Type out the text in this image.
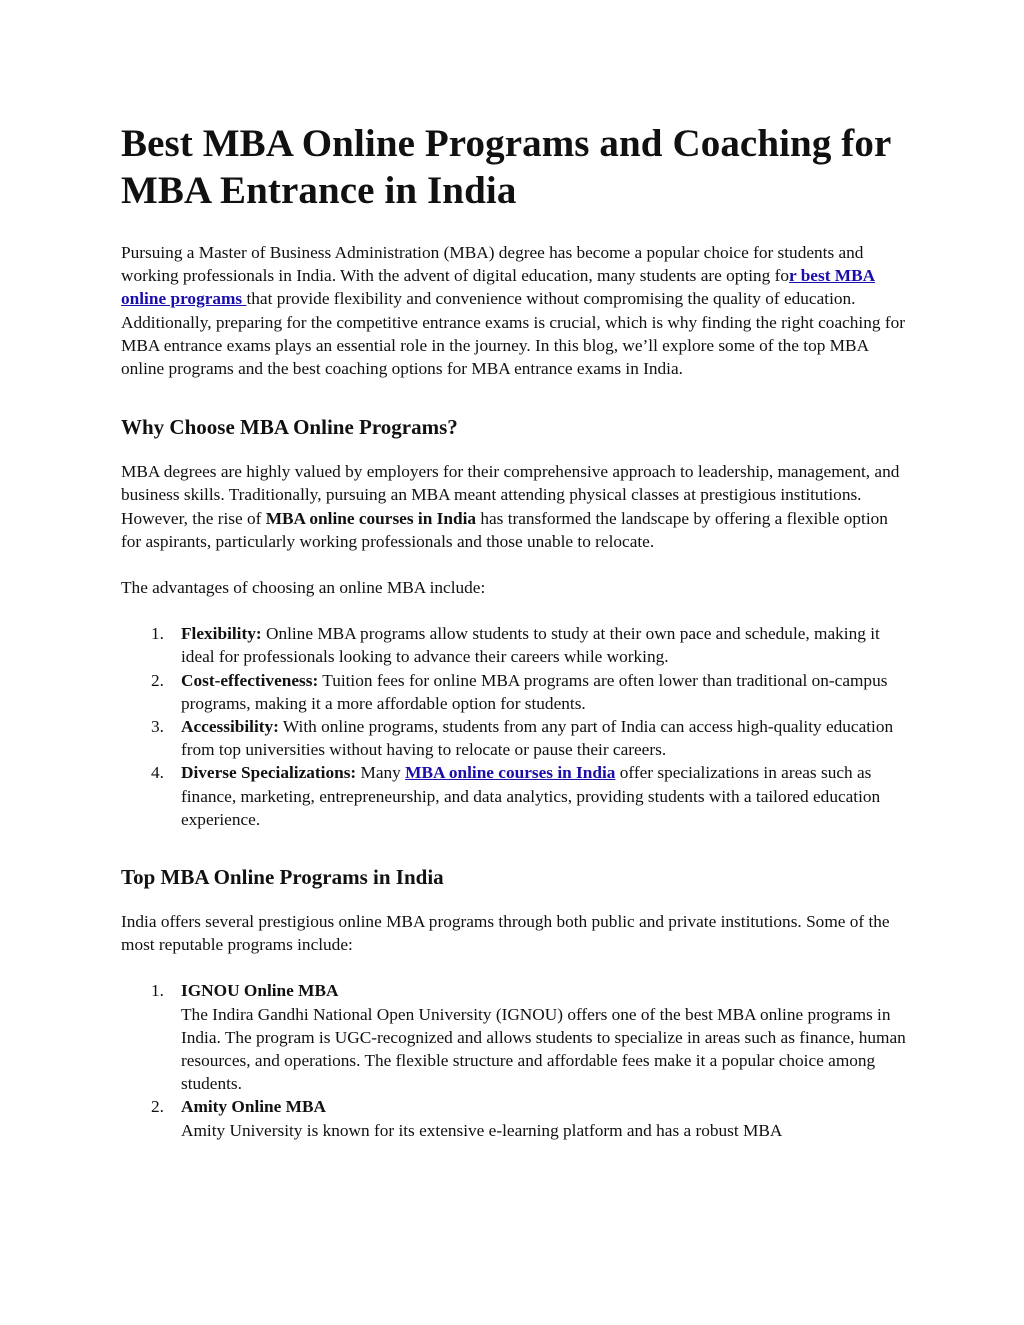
Best MBA Online Programs and Coaching for MBA Entrance in India

Pursuing a Master of Business Administration (MBA) degree has become a popular choice for students and working professionals in India. With the advent of digital education, many students are opting for best MBA online programs that provide flexibility and convenience without compromising the quality of education. Additionally, preparing for the competitive entrance exams is crucial, which is why finding the right coaching for MBA entrance exams plays an essential role in the journey. In this blog, we’ll explore some of the top MBA online programs and the best coaching options for MBA entrance exams in India.

Why Choose MBA Online Programs?

MBA degrees are highly valued by employers for their comprehensive approach to leadership, management, and business skills. Traditionally, pursuing an MBA meant attending physical classes at prestigious institutions. However, the rise of MBA online courses in India has transformed the landscape by offering a flexible option for aspirants, particularly working professionals and those unable to relocate.

The advantages of choosing an online MBA include:

1. Flexibility: Online MBA programs allow students to study at their own pace and schedule, making it ideal for professionals looking to advance their careers while working.
2. Cost-effectiveness: Tuition fees for online MBA programs are often lower than traditional on-campus programs, making it a more affordable option for students.
3. Accessibility: With online programs, students from any part of India can access high-quality education from top universities without having to relocate or pause their careers.
4. Diverse Specializations: Many MBA online courses in India offer specializations in areas such as finance, marketing, entrepreneurship, and data analytics, providing students with a tailored education experience.
Top MBA Online Programs in India

India offers several prestigious online MBA programs through both public and private institutions. Some of the most reputable programs include:

1. IGNOU Online MBA
The Indira Gandhi National Open University (IGNOU) offers one of the best MBA online programs in India. The program is UGC-recognized and allows students to specialize in areas such as finance, human resources, and operations. The flexible structure and affordable fees make it a popular choice among students.
2. Amity Online MBA
Amity University is known for its extensive e-learning platform and has a robust MBA
